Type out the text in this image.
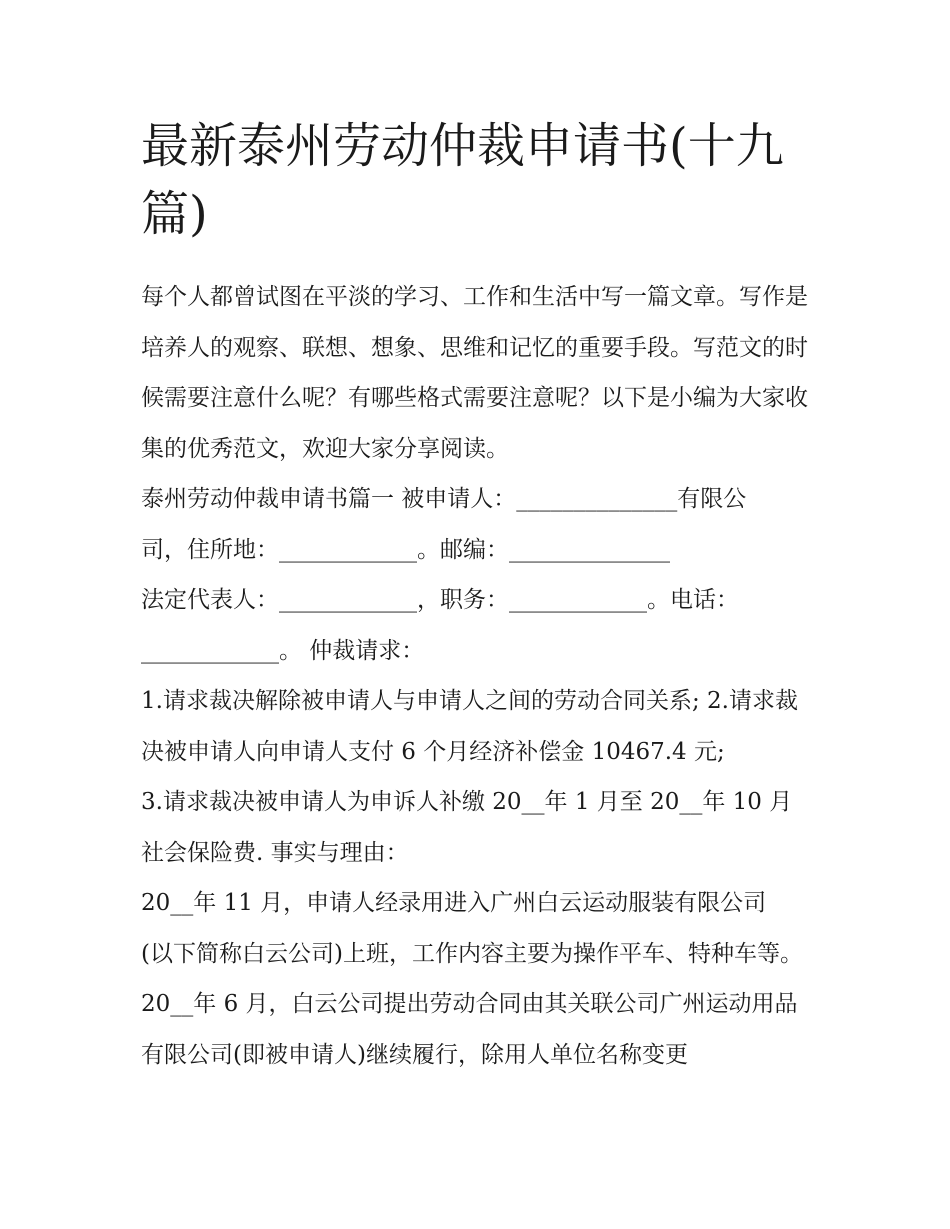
最新泰州劳动仲裁申请书(十九篇)

每个人都曾试图在平淡的学习、工作和生活中写一篇文章。写作是培养人的观察、联想、想象、思维和记忆的重要手段。写范文的时候需要注意什么呢？有哪些格式需要注意呢？以下是小编为大家收集的优秀范文，欢迎大家分享阅读。

泰州劳动仲裁申请书篇一 被申请人：______________有限公

司，住所地：____________。邮编：______________

法定代表人：____________，职务：____________。电话：

____________。 仲裁请求：

1.请求裁决解除被申请人与申请人之间的劳动合同关系; 2.请求裁决被申请人向申请人支付 6 个月经济补偿金 10467.4 元;

3.请求裁决被申请人为申诉人补缴 20__年 1 月至 20__年 10 月社会保险费. 事实与理由：

20__年 11 月，申请人经录用进入广州白云运动服装有限公司

(以下简称白云公司)上班，工作内容主要为操作平车、特种车等。20__年 6 月，白云公司提出劳动合同由其关联公司广州运动用品有限公司(即被申请人)继续履行，除用人单位名称变更
